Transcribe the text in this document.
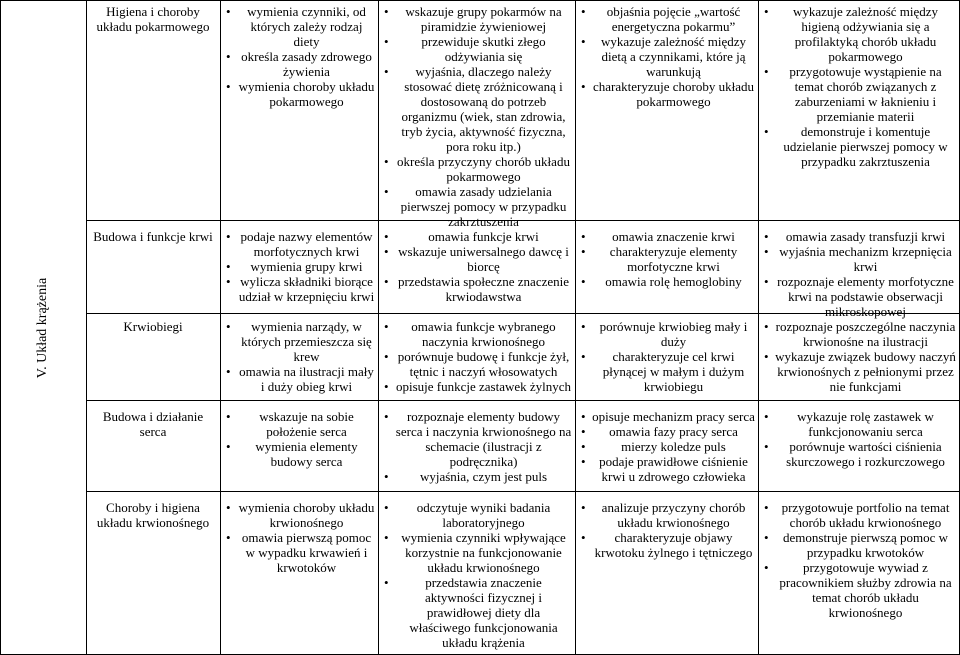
V. Układ krążenia
Higiena i choroby układu pokarmowego
• wymienia czynniki, od których zależy rodzaj diety
• określa zasady zdrowego żywienia
• wymienia choroby układu pokarmowego
• wskazuje grupy pokarmów na piramidzie żywieniowej
• przewiduje skutki złego odżywiania się
• wyjaśnia, dlaczego należy stosować dietę zróżnicowaną i dostosowaną do potrzeb organizmu (wiek, stan zdrowia, tryb życia, aktywność fizyczna, pora roku itp.)
• określa przyczyny chorób układu pokarmowego
• omawia zasady udzielania pierwszej pomocy w przypadku zakrztuszenia
• objaśnia pojęcie „wartość energetyczna pokarmu”
• wykazuje zależność między dietą a czynnikami, które ją warunkują
• charakteryzuje choroby układu pokarmowego
• wykazuje zależność między higieną odżywiania się a profilaktyką chorób układu pokarmowego
• przygotowuje wystąpienie na temat chorób związanych z zaburzeniami w łaknieniu i przemianie materii
• demonstruje i komentuje udzielanie pierwszej pomocy w przypadku zakrztuszenia
Budowa i funkcje krwi	• podaje nazwy elementów morfotycznych krwi
• wymienia grupy krwi
• wylicza składniki biorące udział w krzepnięciu krwi
• omawia funkcje krwi
• wskazuje uniwersalnego dawcę i biorcę
• przedstawia społeczne znaczenie krwiodawstwa
• omawia znaczenie krwi
• charakteryzuje elementy morfotyczne krwi
• omawia rolę hemoglobiny
• omawia zasady transfuzji krwi
• wyjaśnia mechanizm krzepnięcia krwi
• rozpoznaje elementy morfotyczne krwi na podstawie obserwacji mikroskopowej
Krwiobiegi	• wymienia narządy, w których przemieszcza się krew
• omawia na ilustracji mały i duży obieg krwi
• omawia funkcje wybranego naczynia krwionośnego
• porównuje budowę i funkcje żył, tętnic i naczyń włosowatych
• opisuje funkcje zastawek żylnych
• porównuje krwiobieg mały i duży
• charakteryzuje cel krwi płynącej w małym i dużym krwiobiegu
• rozpoznaje poszczególne naczynia krwionośne na ilustracji
• wykazuje związek budowy naczyń krwionośnych z pełnionymi przez nie funkcjami
Budowa i działanie serca
• wskazuje na sobie położenie serca
• wymienia elementy budowy serca
• rozpoznaje elementy budowy serca i naczynia krwionośnego na schemacie (ilustracji z podręcznika)
• wyjaśnia, czym jest puls
• opisuje mechanizm pracy serca
• omawia fazy pracy serca
• mierzy koledze puls
• podaje prawidłowe ciśnienie krwi u zdrowego człowieka
• wykazuje rolę zastawek w funkcjonowaniu serca
• porównuje wartości ciśnienia skurczowego i rozkurczowego
Choroby i higiena układu krwionośnego
• wymienia choroby układu krwionośnego
• omawia pierwszą pomoc w wypadku krwawień i krwotoków
• odczytuje wyniki badania laboratoryjnego
• wymienia czynniki wpływające korzystnie na funkcjonowanie układu krwionośnego
• przedstawia znaczenie aktywności fizycznej i prawidłowej diety dla właściwego funkcjonowania układu krążenia
• analizuje przyczyny chorób układu krwionośnego
• charakteryzuje objawy krwotoku żylnego i tętniczego
• przygotowuje portfolio na temat chorób układu krwionośnego
• demonstruje pierwszą pomoc w przypadku krwotoków
• przygotowuje wywiad z pracownikiem służby zdrowia na temat chorób układu krwionośnego
